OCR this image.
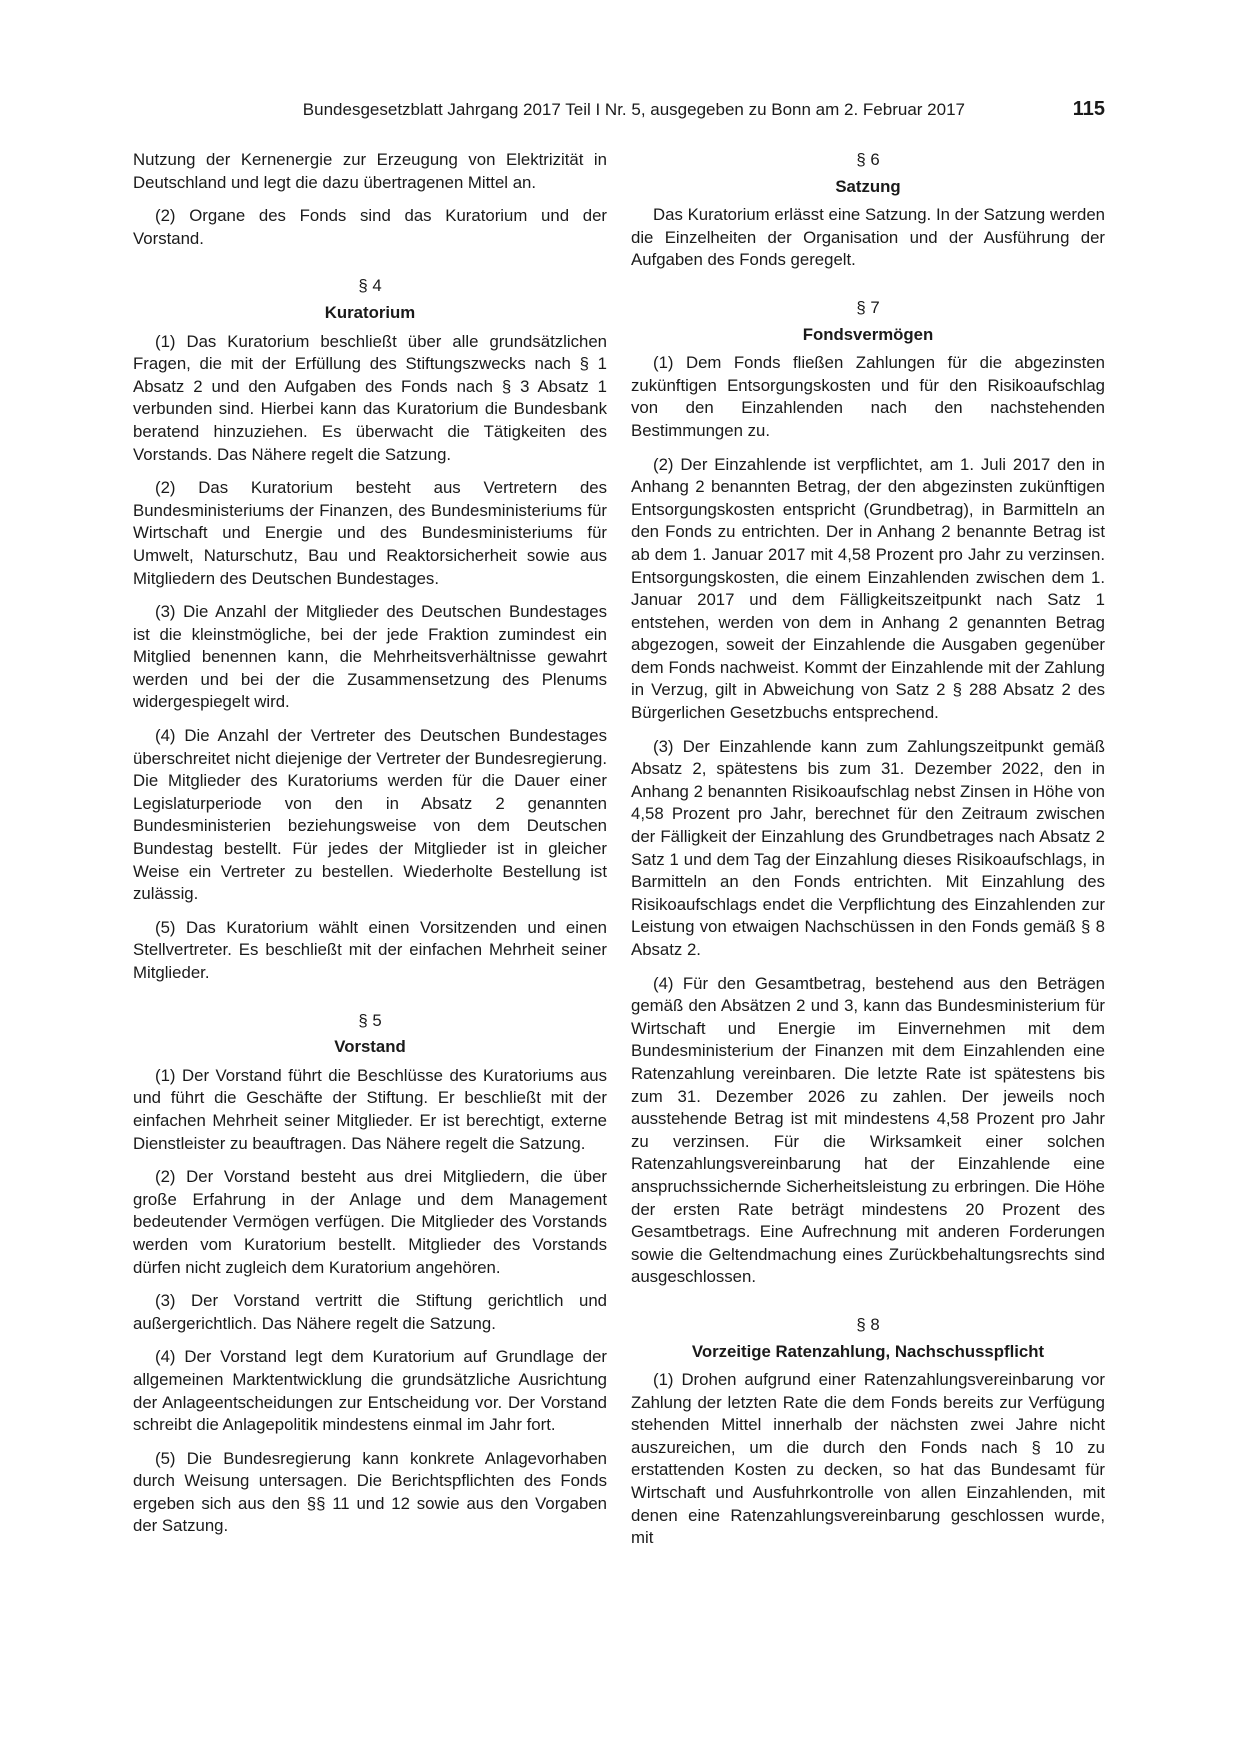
Bundesgesetzblatt Jahrgang 2017 Teil I Nr. 5, ausgegeben zu Bonn am 2. Februar 2017	115

Nutzung der Kernenergie zur Erzeugung von Elektrizität in Deutschland und legt die dazu übertragenen Mittel an.

(2) Organe des Fonds sind das Kuratorium und der Vorstand.

§ 4
Kuratorium

(1) Das Kuratorium beschließt über alle grundsätzlichen Fragen, die mit der Erfüllung des Stiftungszwecks nach § 1 Absatz 2 und den Aufgaben des Fonds nach § 3 Absatz 1 verbunden sind. Hierbei kann das Kuratorium die Bundesbank beratend hinzuziehen. Es überwacht die Tätigkeiten des Vorstands. Das Nähere regelt die Satzung.

(2) Das Kuratorium besteht aus Vertretern des Bundesministeriums der Finanzen, des Bundesministeriums für Wirtschaft und Energie und des Bundesministeriums für Umwelt, Naturschutz, Bau und Reaktorsicherheit sowie aus Mitgliedern des Deutschen Bundestages.

(3) Die Anzahl der Mitglieder des Deutschen Bundestages ist die kleinstmögliche, bei der jede Fraktion zumindest ein Mitglied benennen kann, die Mehrheitsverhältnisse gewahrt werden und bei der die Zusammensetzung des Plenums widergespiegelt wird.

(4) Die Anzahl der Vertreter des Deutschen Bundestages überschreitet nicht diejenige der Vertreter der Bundesregierung. Die Mitglieder des Kuratoriums werden für die Dauer einer Legislaturperiode von den in Absatz 2 genannten Bundesministerien beziehungsweise von dem Deutschen Bundestag bestellt. Für jedes der Mitglieder ist in gleicher Weise ein Vertreter zu bestellen. Wiederholte Bestellung ist zulässig.

(5) Das Kuratorium wählt einen Vorsitzenden und einen Stellvertreter. Es beschließt mit der einfachen Mehrheit seiner Mitglieder.

§ 5
Vorstand

(1) Der Vorstand führt die Beschlüsse des Kuratoriums aus und führt die Geschäfte der Stiftung. Er beschließt mit der einfachen Mehrheit seiner Mitglieder. Er ist berechtigt, externe Dienstleister zu beauftragen. Das Nähere regelt die Satzung.

(2) Der Vorstand besteht aus drei Mitgliedern, die über große Erfahrung in der Anlage und dem Management bedeutender Vermögen verfügen. Die Mitglieder des Vorstands werden vom Kuratorium bestellt. Mitglieder des Vorstands dürfen nicht zugleich dem Kuratorium angehören.

(3) Der Vorstand vertritt die Stiftung gerichtlich und außergerichtlich. Das Nähere regelt die Satzung.

(4) Der Vorstand legt dem Kuratorium auf Grundlage der allgemeinen Marktentwicklung die grundsätzliche Ausrichtung der Anlageentscheidungen zur Entscheidung vor. Der Vorstand schreibt die Anlagepolitik mindestens einmal im Jahr fort.

(5) Die Bundesregierung kann konkrete Anlagevorhaben durch Weisung untersagen. Die Berichtspflichten des Fonds ergeben sich aus den §§ 11 und 12 sowie aus den Vorgaben der Satzung.

§ 6
Satzung

Das Kuratorium erlässt eine Satzung. In der Satzung werden die Einzelheiten der Organisation und der Ausführung der Aufgaben des Fonds geregelt.

§ 7
Fondsvermögen

(1) Dem Fonds fließen Zahlungen für die abgezinsten zukünftigen Entsorgungskosten und für den Risikoaufschlag von den Einzahlenden nach den nachstehenden Bestimmungen zu.

(2) Der Einzahlende ist verpflichtet, am 1. Juli 2017 den in Anhang 2 benannten Betrag, der den abgezinsten zukünftigen Entsorgungskosten entspricht (Grundbetrag), in Barmitteln an den Fonds zu entrichten. Der in Anhang 2 benannte Betrag ist ab dem 1. Januar 2017 mit 4,58 Prozent pro Jahr zu verzinsen. Entsorgungskosten, die einem Einzahlenden zwischen dem 1. Januar 2017 und dem Fälligkeitszeitpunkt nach Satz 1 entstehen, werden von dem in Anhang 2 genannten Betrag abgezogen, soweit der Einzahlende die Ausgaben gegenüber dem Fonds nachweist. Kommt der Einzahlende mit der Zahlung in Verzug, gilt in Abweichung von Satz 2 § 288 Absatz 2 des Bürgerlichen Gesetzbuchs entsprechend.

(3) Der Einzahlende kann zum Zahlungszeitpunkt gemäß Absatz 2, spätestens bis zum 31. Dezember 2022, den in Anhang 2 benannten Risikoaufschlag nebst Zinsen in Höhe von 4,58 Prozent pro Jahr, berechnet für den Zeitraum zwischen der Fälligkeit der Einzahlung des Grundbetrages nach Absatz 2 Satz 1 und dem Tag der Einzahlung dieses Risikoaufschlags, in Barmitteln an den Fonds entrichten. Mit Einzahlung des Risikoaufschlags endet die Verpflichtung des Einzahlenden zur Leistung von etwaigen Nachschüssen in den Fonds gemäß § 8 Absatz 2.

(4) Für den Gesamtbetrag, bestehend aus den Beträgen gemäß den Absätzen 2 und 3, kann das Bundesministerium für Wirtschaft und Energie im Einvernehmen mit dem Bundesministerium der Finanzen mit dem Einzahlenden eine Ratenzahlung vereinbaren. Die letzte Rate ist spätestens bis zum 31. Dezember 2026 zu zahlen. Der jeweils noch ausstehende Betrag ist mit mindestens 4,58 Prozent pro Jahr zu verzinsen. Für die Wirksamkeit einer solchen Ratenzahlungsvereinbarung hat der Einzahlende eine anspruchssichernde Sicherheitsleistung zu erbringen. Die Höhe der ersten Rate beträgt mindestens 20 Prozent des Gesamtbetrags. Eine Aufrechnung mit anderen Forderungen sowie die Geltendmachung eines Zurückbehaltungsrechts sind ausgeschlossen.

§ 8
Vorzeitige Ratenzahlung, Nachschusspflicht

(1) Drohen aufgrund einer Ratenzahlungsvereinbarung vor Zahlung der letzten Rate die dem Fonds bereits zur Verfügung stehenden Mittel innerhalb der nächsten zwei Jahre nicht auszureichen, um die durch den Fonds nach § 10 zu erstattenden Kosten zu decken, so hat das Bundesamt für Wirtschaft und Ausfuhrkontrolle von allen Einzahlenden, mit denen eine Ratenzahlungsvereinbarung geschlossen wurde, mit
